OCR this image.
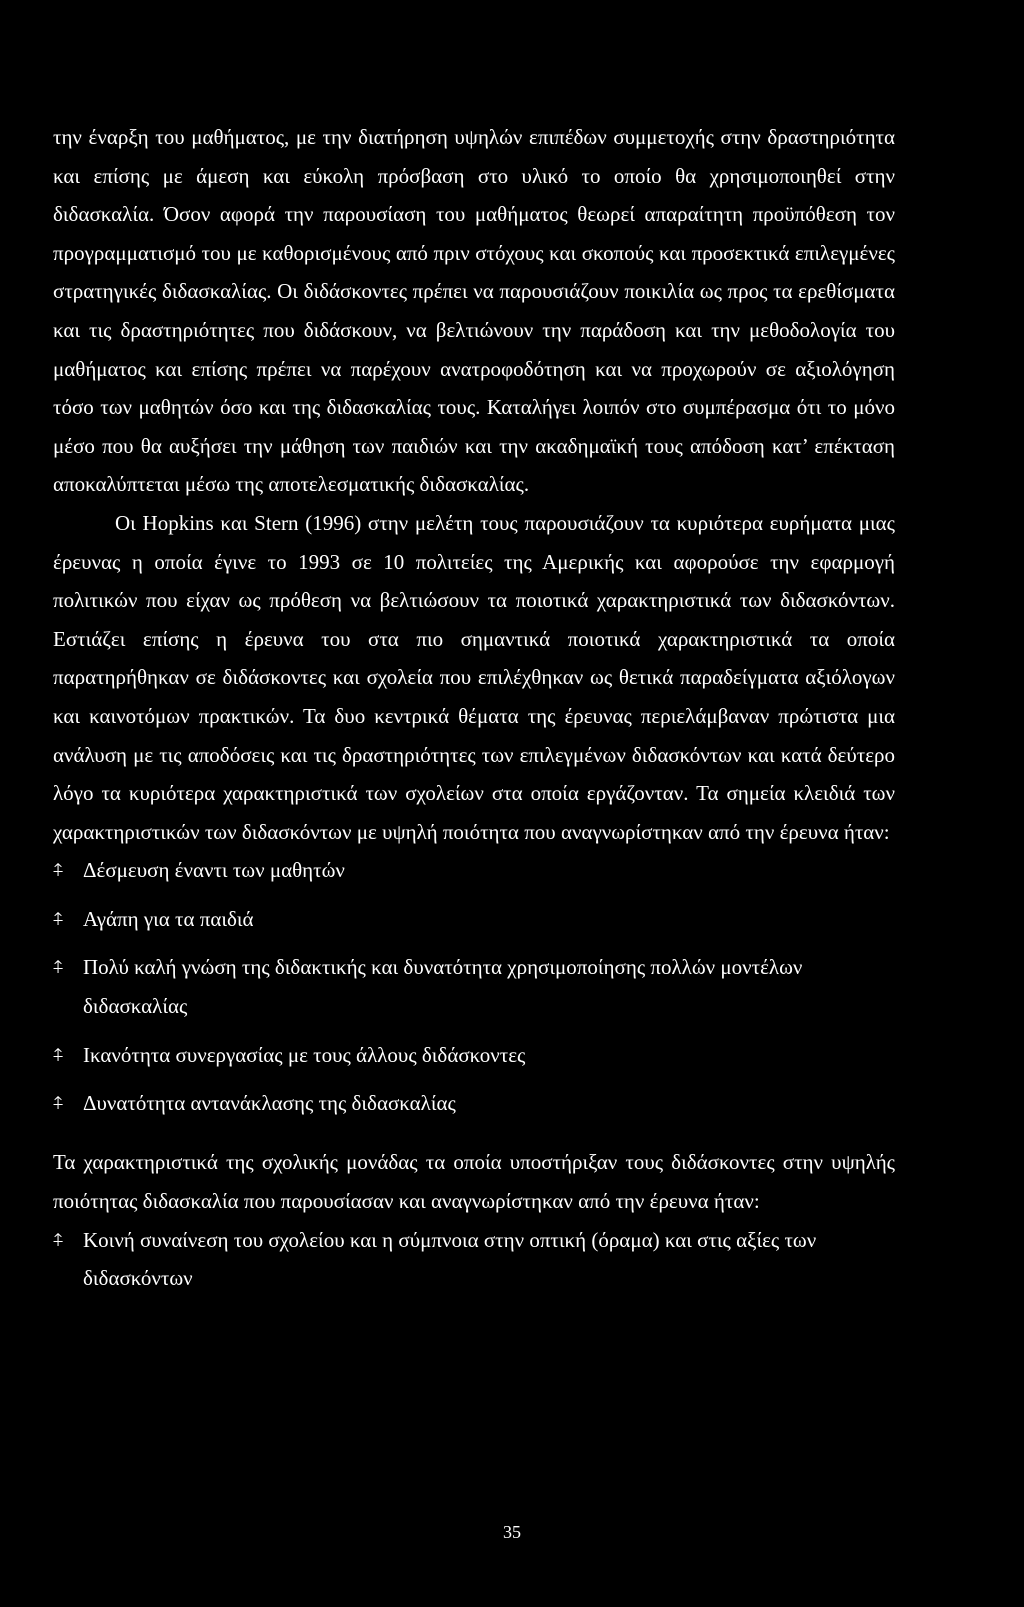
την έναρξη του μαθήματος, με την διατήρηση υψηλών επιπέδων συμμετοχής στην δραστηριότητα και επίσης με άμεση και εύκολη πρόσβαση στο υλικό το οποίο θα χρησιμοποιηθεί στην διδασκαλία. Όσον αφορά την παρουσίαση του μαθήματος θεωρεί απαραίτητη προϋπόθεση τον προγραμματισμό του με καθορισμένους από πριν στόχους και σκοπούς και προσεκτικά επιλεγμένες στρατηγικές διδασκαλίας. Οι διδάσκοντες πρέπει να παρουσιάζουν ποικιλία ως προς τα ερεθίσματα και τις δραστηριότητες που διδάσκουν, να βελτιώνουν την παράδοση και την μεθοδολογία του μαθήματος και επίσης πρέπει να παρέχουν ανατροφοδότηση και να προχωρούν σε αξιολόγηση τόσο των μαθητών όσο και της διδασκαλίας τους. Καταλήγει λοιπόν στο συμπέρασμα ότι το μόνο μέσο που θα αυξήσει την μάθηση των παιδιών και την ακαδημαϊκή τους απόδοση κατ’ επέκταση αποκαλύπτεται μέσω της αποτελεσματικής διδασκαλίας.

Οι Hopkins και Stern (1996) στην μελέτη τους παρουσιάζουν τα κυριότερα ευρήματα μιας έρευνας η οποία έγινε το 1993 σε 10 πολιτείες της Αμερικής και αφορούσε την εφαρμογή πολιτικών που είχαν ως πρόθεση να βελτιώσουν τα ποιοτικά χαρακτηριστικά των διδασκόντων. Εστιάζει επίσης η έρευνα του στα πιο σημαντικά ποιοτικά χαρακτηριστικά τα οποία παρατηρήθηκαν σε διδάσκοντες και σχολεία που επιλέχθηκαν ως θετικά παραδείγματα αξιόλογων και καινοτόμων πρακτικών. Τα δυο κεντρικά θέματα της έρευνας περιελάμβαναν πρώτιστα μια ανάλυση με τις αποδόσεις και τις δραστηριότητες των επιλεγμένων διδασκόντων και κατά δεύτερο λόγο τα κυριότερα χαρακτηριστικά των σχολείων στα οποία εργάζονταν. Τα σημεία κλειδιά των χαρακτηριστικών των διδασκόντων με υψηλή ποιότητα που αναγνωρίστηκαν από την έρευνα ήταν:

⍏ Δέσμευση έναντι των μαθητών
⍏ Αγάπη για τα παιδιά
⍏ Πολύ καλή γνώση της διδακτικής και δυνατότητα χρησιμοποίησης πολλών μοντέλων διδασκαλίας
⍏ Ικανότητα συνεργασίας με τους άλλους διδάσκοντες
⍏ Δυνατότητα αντανάκλασης της διδασκαλίας

Τα χαρακτηριστικά της σχολικής μονάδας τα οποία υποστήριξαν τους διδάσκοντες στην υψηλής ποιότητας διδασκαλία που παρουσίασαν και αναγνωρίστηκαν από την έρευνα ήταν:

⍏ Κοινή συναίνεση του σχολείου και η σύμπνοια στην οπτική (όραμα) και στις αξίες των διδασκόντων
35
